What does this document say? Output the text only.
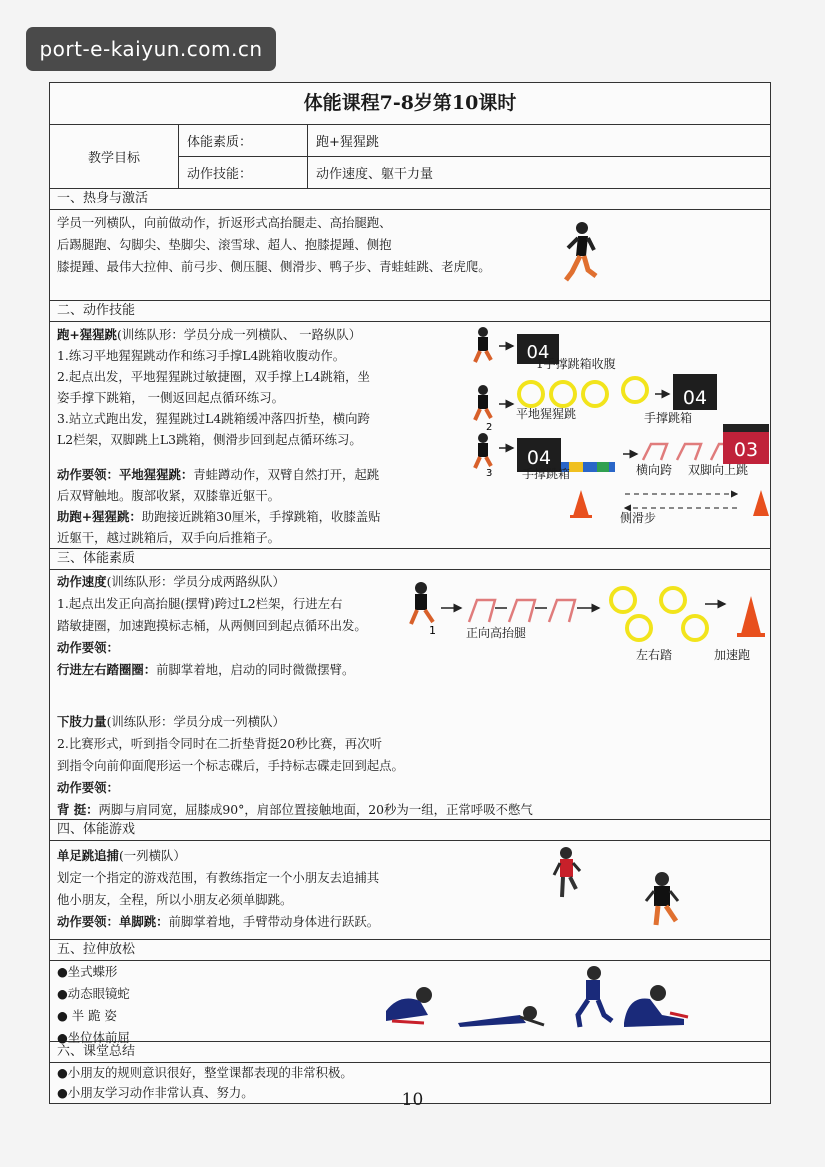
port-e-kaiyun.com.cn
体能课程7-8岁第10课时
教学目标	体能素质：	跑+猩猩跳
	动作技能：	动作速度、躯干力量
一、热身与激活

学员一列横队，向前做动作，折返形式高抬腿走、高抬腿跑、

后踢腿跑、勾脚尖、垫脚尖、滚雪球、超人、抱膝提踵、侧抱

膝提踵、最伟大拉伸、前弓步、侧压腿、侧滑步、鸭子步、青蛙蛙跳、老虎爬。

二、动作技能

跑+猩猩跳(训练队形：学员分成一列横队、 一路纵队）

1.练习平地猩猩跳动作和练习手撑L4跳箱收腹动作。

2.起点出发，平地猩猩跳过敏捷圈，双手撑上L4跳箱，坐

姿手撑下跳箱， 一侧返回起点循环练习。

3.站立式跑出发，猩猩跳过L4跳箱缓冲落四折垫，横向跨

L2栏架，双脚跳上L3跳箱，侧滑步回到起点循环练习。

动作要领：平地猩猩跳：青蛙蹲动作，双臂自然打开，起跳

后双臂触地。腹部收紧，双膝靠近躯干。

助跑+猩猩跳：助跑接近跳箱30厘米，手撑跳箱，收膝盖贴

近躯干，越过跳箱后，双手向后推箱子。

04
2
04
3
04	03
1手撑跳箱收腹
平地猩猩跳	手撑跳箱
手撑跳箱	横向跨 双脚向上跳
侧滑步
三、体能素质

动作速度(训练队形：学员分成两路纵队）

1.起点出发正向高抬腿(摆臂)跨过L2栏架，行进左右

踏敏捷圈，加速跑摸标志桶，从两侧回到起点循环出发。

动作要领：

行进左右踏圈圈：前脚掌着地，启动的同时微微摆臂。

下肢力量(训练队形：学员分成一列横队）

2.比赛形式，听到指令同时在二折垫背挺20秒比赛，再次听

到指令向前仰面爬形运一个标志碟后，手持标志碟走回到起点。

动作要领：

背 挺：两脚与肩同宽，屈膝成90°，肩部位置接触地面，20秒为一组，正常呼吸不憋气

1	正向高抬腿
左右踏	加速跑
四、体能游戏

单足跳追捕(一列横队）

划定一个指定的游戏范围，有教练指定一个小朋友去追捕其

他小朋友，全程，所以小朋友必须单脚跳。

动作要领：单脚跳：前脚掌着地，手臂带动身体进行跃跃。

五、拉伸放松

●坐式蝶形

●动态眼镜蛇

● 半 跪 姿

●坐位体前屈

六、课堂总结

●小朋友的规则意识很好，整堂课都表现的非常积极。

●小朋友学习动作非常认真、努力。	10
